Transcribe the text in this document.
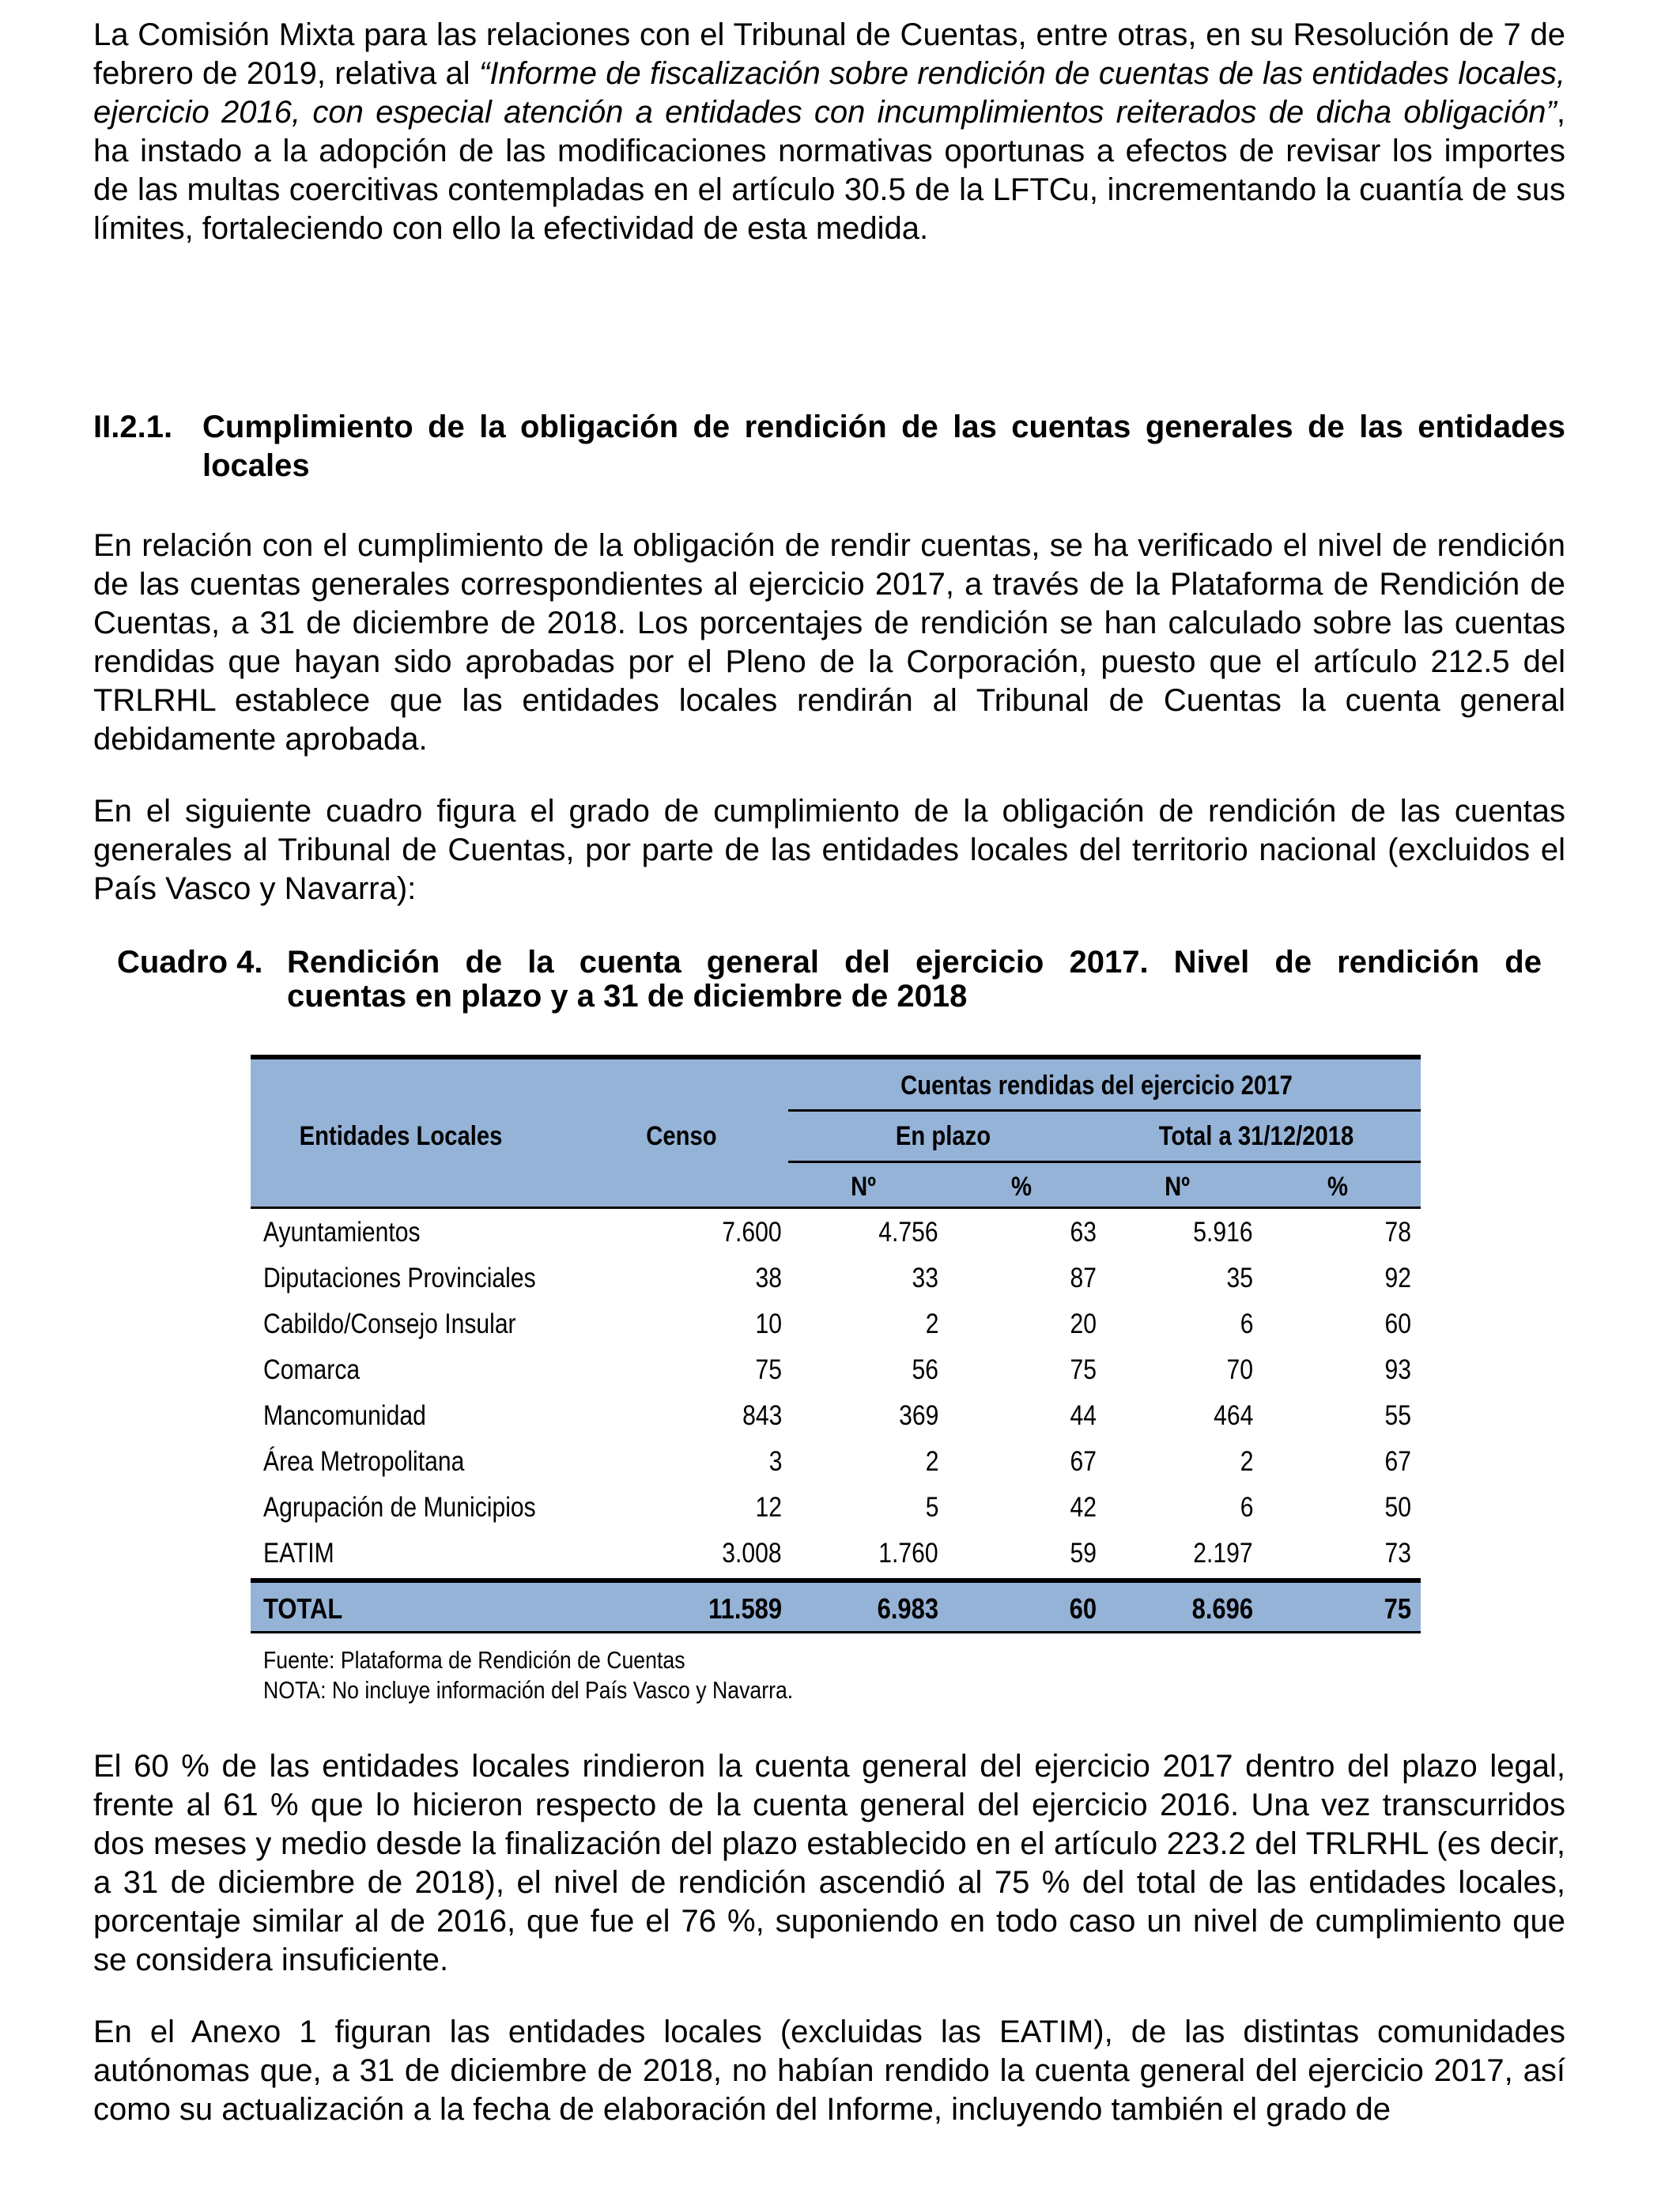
La Comisión Mixta para las relaciones con el Tribunal de Cuentas, entre otras, en su Resolución de 7 de febrero de 2019, relativa al “Informe de fiscalización sobre rendición de cuentas de las entidades locales, ejercicio 2016, con especial atención a entidades con incumplimientos reiterados de dicha obligación”, ha instado a la adopción de las modificaciones normativas oportunas a efectos de revisar los importes de las multas coercitivas contempladas en el artículo 30.5 de la LFTCu, incrementando la cuantía de sus límites, fortaleciendo con ello la efectividad de esta medida.

II.2.1. Cumplimiento de la obligación de rendición de las cuentas generales de las entidades locales

En relación con el cumplimiento de la obligación de rendir cuentas, se ha verificado el nivel de rendición de las cuentas generales correspondientes al ejercicio 2017, a través de la Plataforma de Rendición de Cuentas, a 31 de diciembre de 2018. Los porcentajes de rendición se han calculado sobre las cuentas rendidas que hayan sido aprobadas por el Pleno de la Corporación, puesto que el artículo 212.5 del TRLRHL establece que las entidades locales rendirán al Tribunal de Cuentas la cuenta general debidamente aprobada.

En el siguiente cuadro figura el grado de cumplimiento de la obligación de rendición de las cuentas generales al Tribunal de Cuentas, por parte de las entidades locales del territorio nacional (excluidos el País Vasco y Navarra):

Cuadro 4. Rendición de la cuenta general del ejercicio 2017. Nivel de rendición de
cuentas en plazo y a 31 de diciembre de 2018
Entidades Locales	Censo
Cuentas rendidas del ejercicio 2017
En plazo	Total a 31/12/2018
Nº	%	Nº	%
Ayuntamientos	7.600	4.756	63	5.916	78
Diputaciones Provinciales	38	33	87	35	92
Cabildo/Consejo Insular	10	2	20	6	60
Comarca	75	56	75	70	93
Mancomunidad	843	369	44	464	55
Área Metropolitana	3	2	67	2	67
Agrupación de Municipios	12	5	42	6	50
EATIM	3.008	1.760	59	2.197	73
TOTAL	11.589	6.983	60	8.696	75
Fuente: Plataforma de Rendición de Cuentas
NOTA: No incluye información del País Vasco y Navarra.

El 60 % de las entidades locales rindieron la cuenta general del ejercicio 2017 dentro del plazo legal, frente al 61 % que lo hicieron respecto de la cuenta general del ejercicio 2016. Una vez transcurridos dos meses y medio desde la finalización del plazo establecido en el artículo 223.2 del TRLRHL (es decir, a 31 de diciembre de 2018), el nivel de rendición ascendió al 75 % del total de las entidades locales, porcentaje similar al de 2016, que fue el 76 %, suponiendo en todo caso un nivel de cumplimiento que se considera insuficiente.

En el Anexo 1 figuran las entidades locales (excluidas las EATIM), de las distintas comunidades autónomas que, a 31 de diciembre de 2018, no habían rendido la cuenta general del ejercicio 2017, así como su actualización a la fecha de elaboración del Informe, incluyendo también el grado de
